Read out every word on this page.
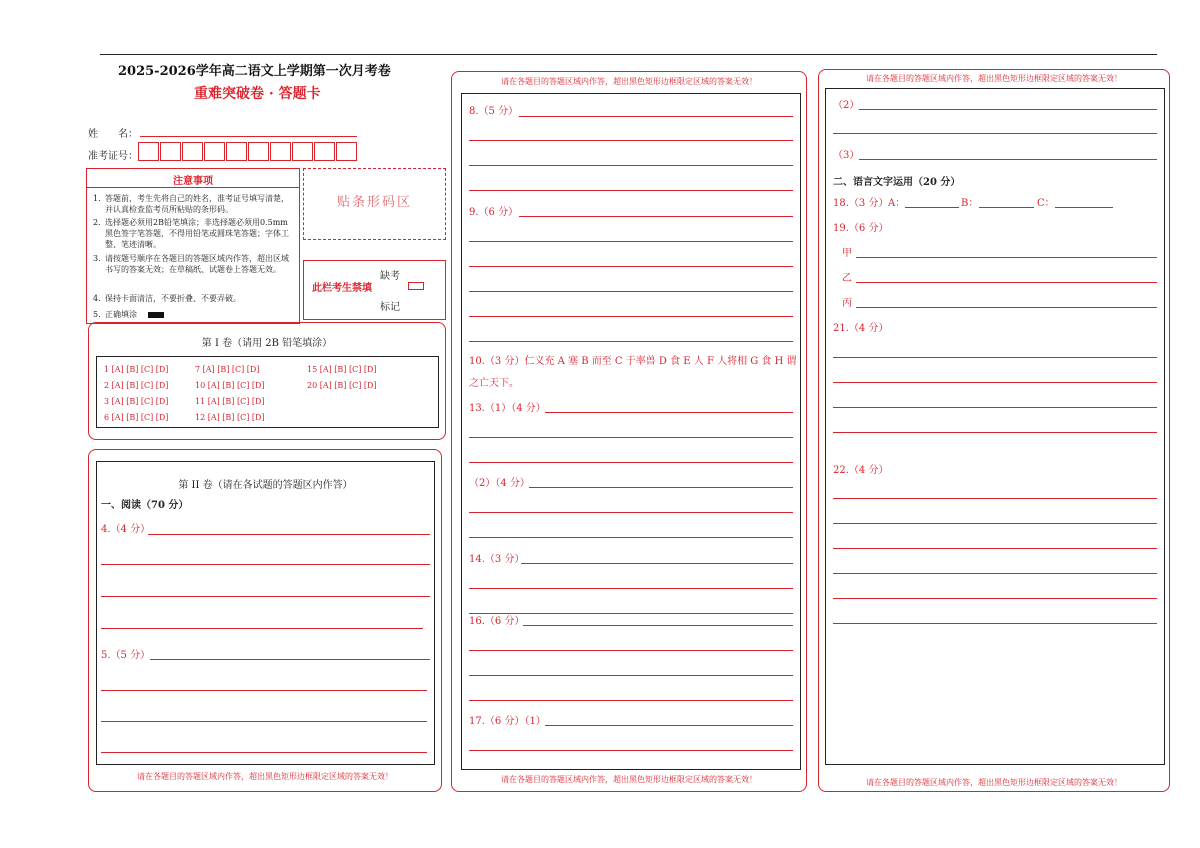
2025-2026学年高二语文上学期第一次月考卷
重难突破卷 · 答题卡
姓　　名：
准考证号：
注意事项
1. 答题前，考生先将自己的姓名，准考证号填写清楚，并认真检查监考员所粘贴的条形码。
2. 选择题必须用2B铅笔填涂；非选择题必须用0.5mm黑色签字笔答题，不得用铅笔或圆珠笔答题；字体工整、笔迹清晰。
3. 请按题号顺序在各题目的答题区域内作答，超出区域书写的答案无效；在草稿纸、试题卷上答题无效。
4. 保持卡面清洁，不要折叠、不要弄破。
5. 正确填涂
贴条形码区
此栏考生禁填
缺考
标记
第 I 卷（请用 2B 铅笔填涂）
1 [A] [B] [C] [D]
2 [A] [B] [C] [D]
3 [A] [B] [C] [D]
6 [A] [B] [C] [D]
7 [A] [B] [C] [D]
10 [A] [B] [C] [D]
11 [A] [B] [C] [D]
12 [A] [B] [C] [D]
15 [A] [B] [C] [D]
20 [A] [B] [C] [D]
第 II 卷（请在各试题的答题区内作答）
一、阅读（70 分）
4.（4 分）
5.（5 分）
请在各题目的答题区域内作答，超出黑色矩形边框限定区域的答案无效！
请在各题目的答题区域内作答，超出黑色矩形边框限定区域的答案无效！
8.（5 分）
9.（6 分）
10.（3 分）仁义充 A 塞 B 而至 C 于率兽 D 食 E 人 F 人将相 G 食 H 谓
之亡天下。
13.（1）（4 分）
（2）（4 分）
14.（3 分）
16.（6 分）
17.（6 分）（1）
请在各题目的答题区域内作答，超出黑色矩形边框限定区域的答案无效！
请在各题目的答题区域内作答，超出黑色矩形边框限定区域的答案无效！
（2）
（3）
二、语言文字运用（20 分）
18.（3 分） A：	B：	C：
19.（6 分）
甲
乙
丙
21.（4 分）
22.（4 分）
请在各题目的答题区域内作答，超出黑色矩形边框限定区域的答案无效！
